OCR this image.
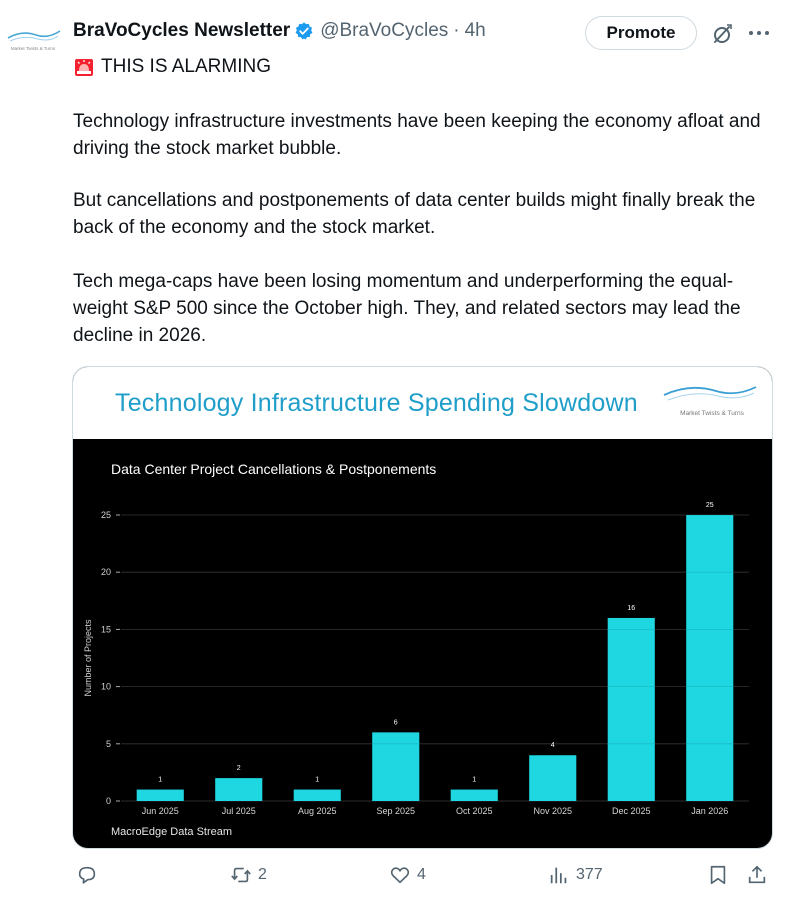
Market Twists & Turns
BraVoCycles Newsletter @BraVoCycles · 4h	Promote
THIS IS ALARMING
Technology infrastructure investments have been keeping the economy afloat and driving the stock market bubble.
But cancellations and postponements of data center builds might finally break the back of the economy and the stock market.
Tech mega-caps have been losing momentum and underperforming the equal-weight S&P 500 since the October high. They, and related sectors may lead the decline in 2026.
Technology Infrastructure Spending Slowdown	Market Twists & Turns
Data Center Project Cancellations & Postponements
Number of Projects
0
5
10
15
20
25
1
Jun 2025
2
Jul 2025
1
Aug 2025
6
Sep 2025
1
Oct 2025
4
Nov 2025
16
Dec 2025
25
Jan 2026
MacroEdge Data Stream
2	4	377
